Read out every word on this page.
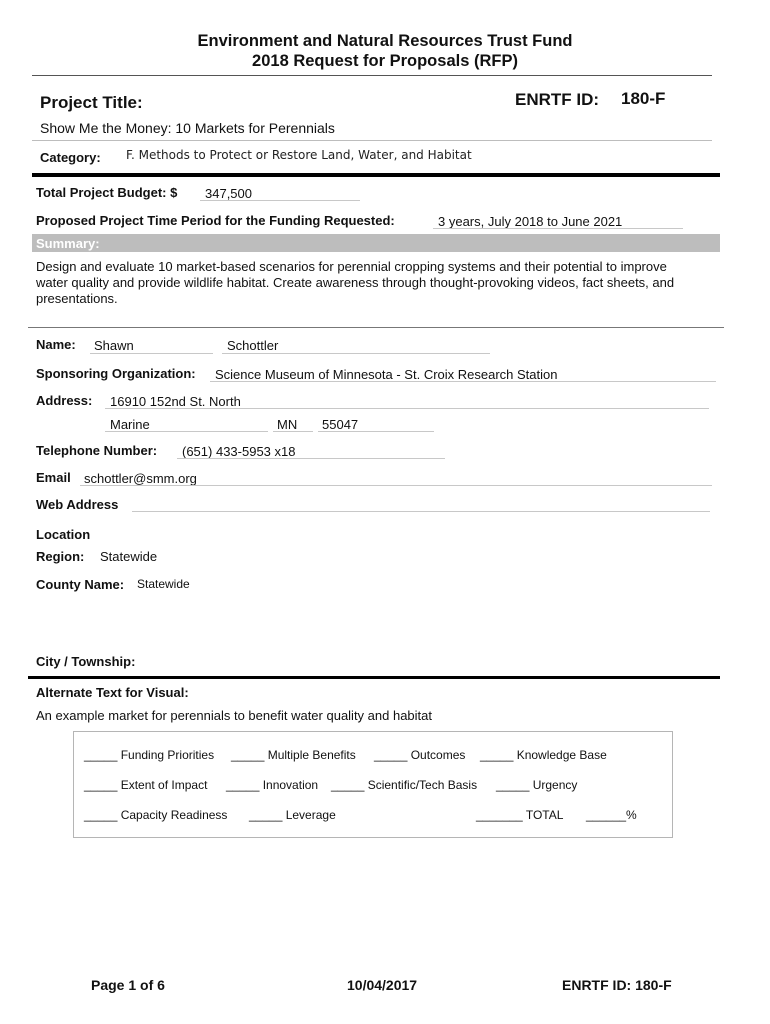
Environment and Natural Resources Trust Fund
2018 Request for Proposals (RFP)
Project Title:	ENRTF ID: 180-F
Show Me the Money: 10 Markets for Perennials
Category: F. Methods to Protect or Restore Land, Water, and Habitat
Total Project Budget: $ 347,500
Proposed Project Time Period for the Funding Requested:	3 years, July 2018 to June 2021
Summary:
Design and evaluate 10 market-based scenarios for perennial cropping systems and their potential to improve
water quality and provide wildlife habitat. Create awareness through thought-provoking videos, fact sheets, and
presentations.
Name: Shawn	Schottler
Sponsoring Organization: Science Museum of Minnesota - St. Croix Research Station
Address: 16910 152nd St. North
Marine	MN 55047
Telephone Number: (651) 433-5953 x18
Email schottler@smm.org
Web Address
Location
Region: Statewide
County Name: Statewide
City / Township:
Alternate Text for Visual:
An example market for perennials to benefit water quality and habitat
_____ Funding Priorities _____ Multiple Benefits _____ Outcomes _____ Knowledge Base
_____ Extent of Impact _____ Innovation _____ Scientific/Tech Basis _____ Urgency
_____ Capacity Readiness _____ Leverage	_______ TOTAL ______%
Page 1 of 6	10/04/2017	ENRTF ID: 180-F
